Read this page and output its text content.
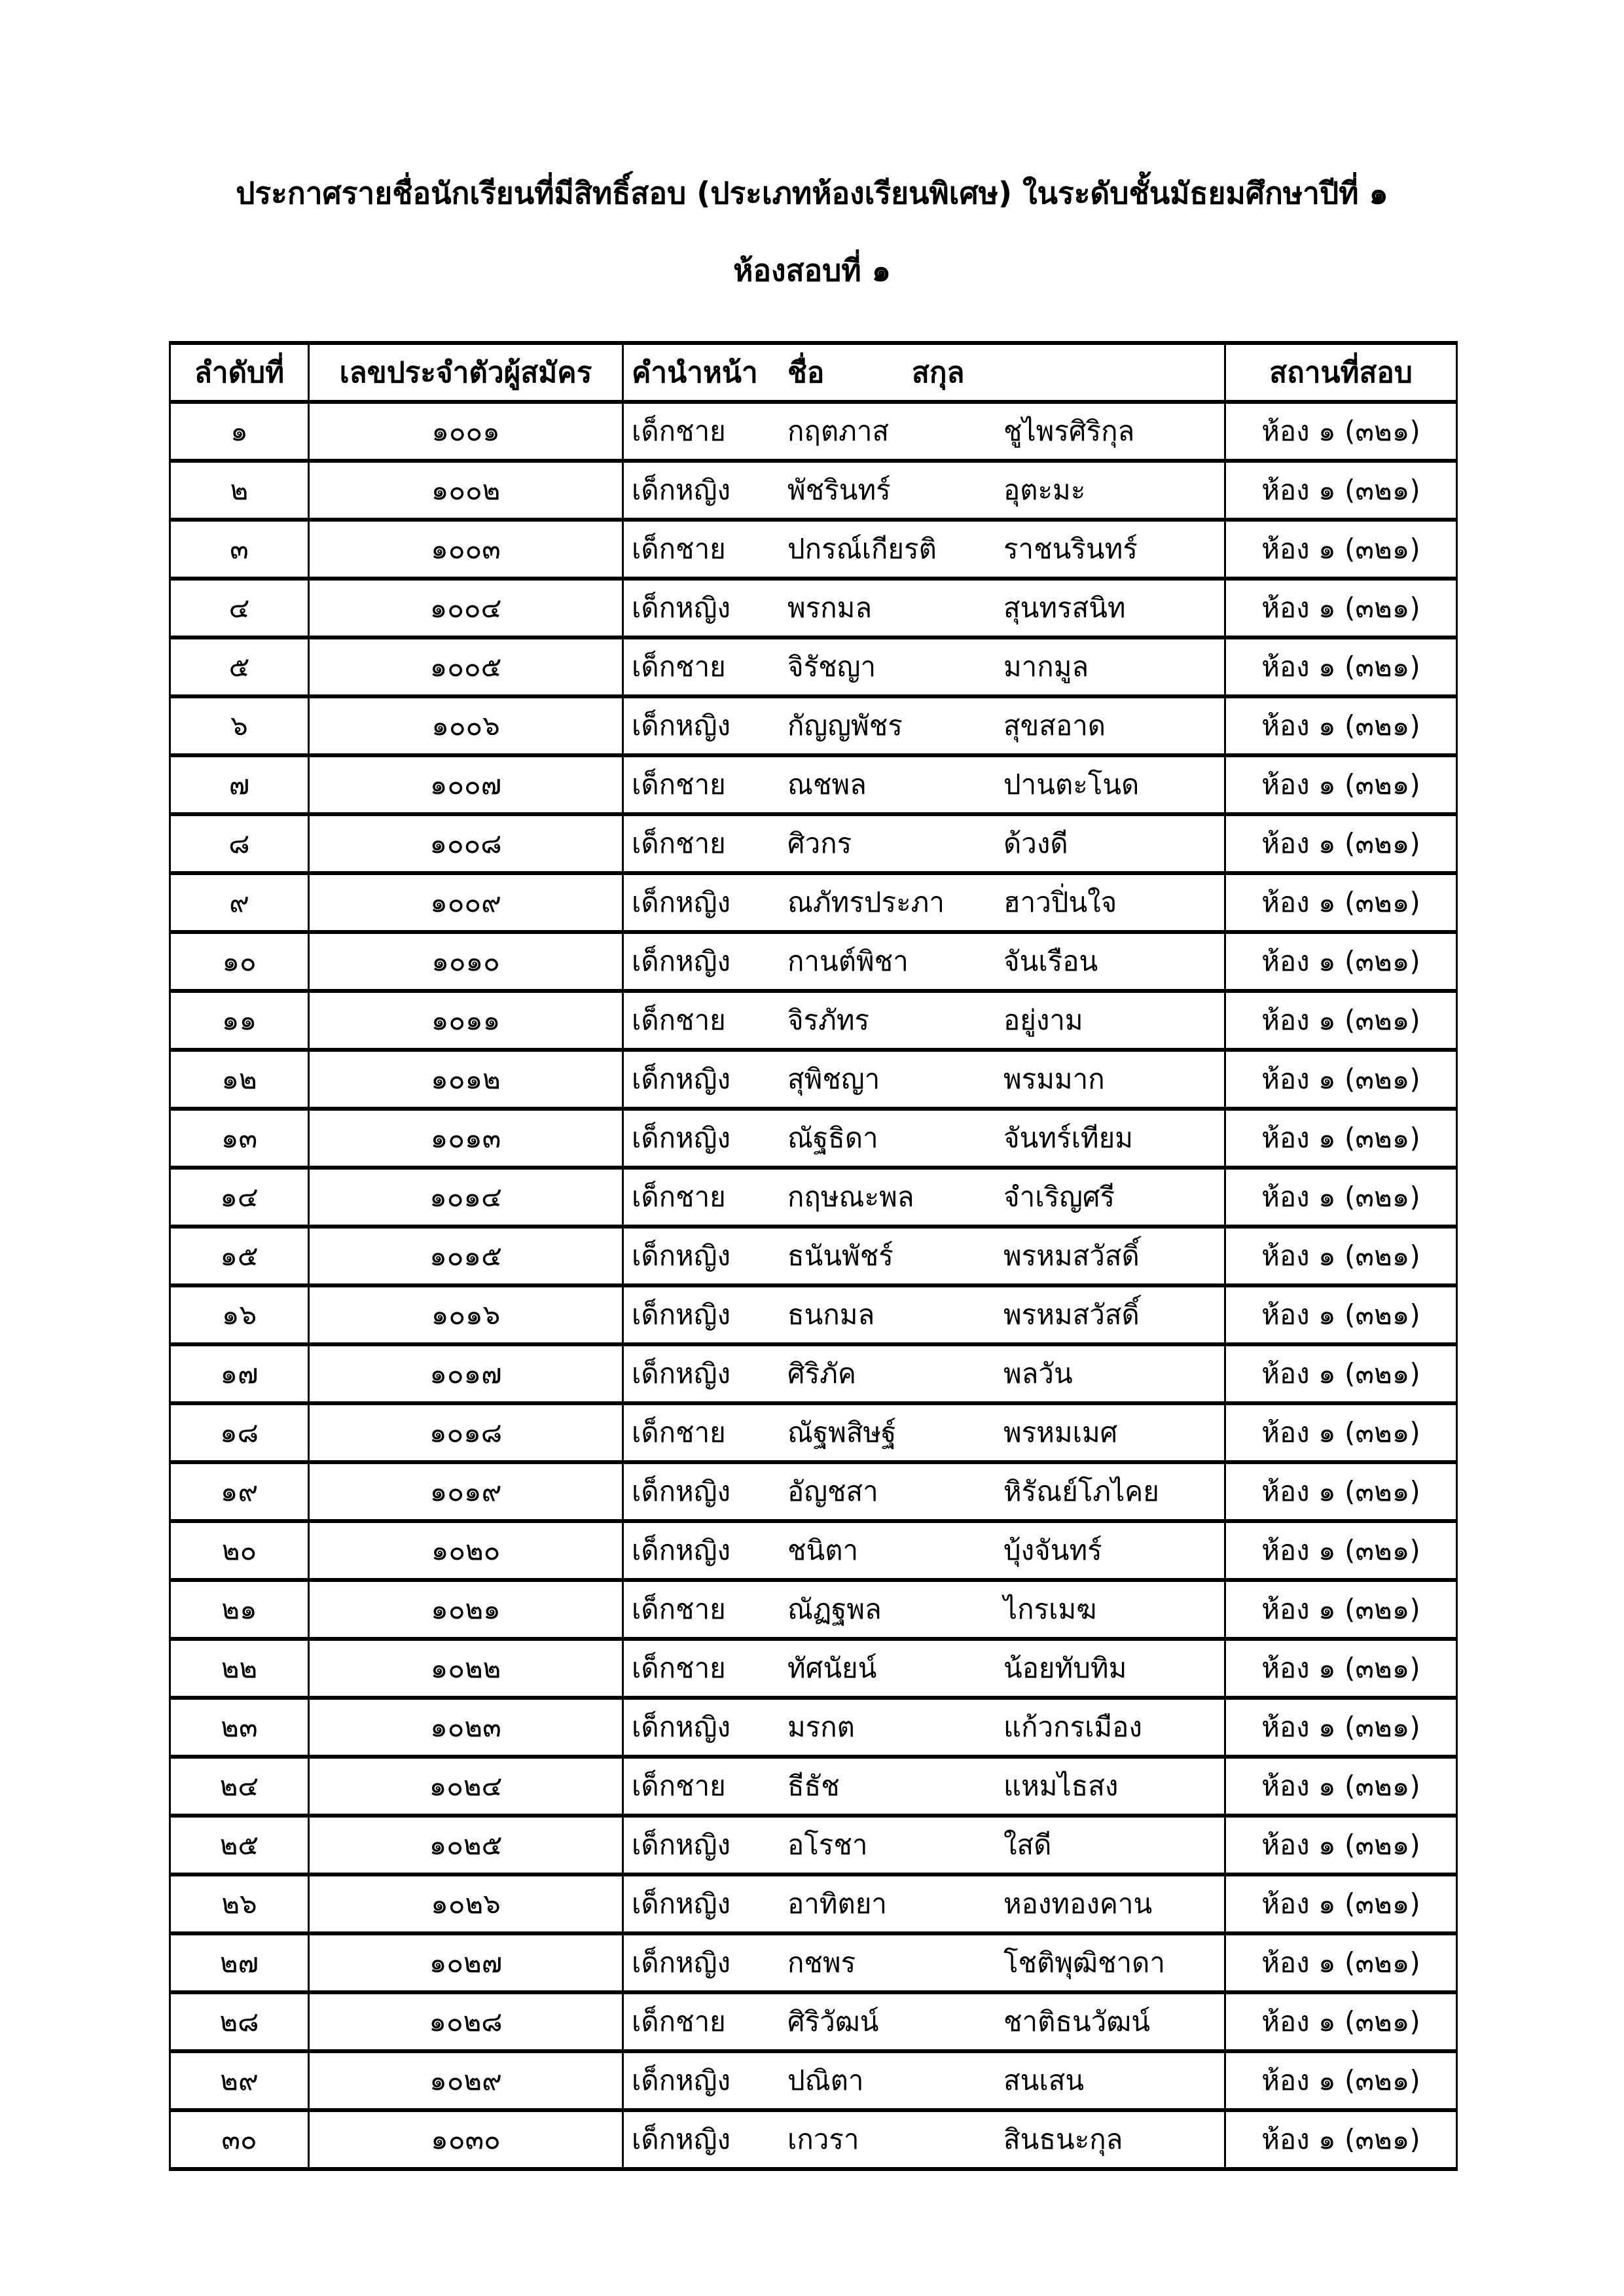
ประกาศรายชื่อนักเรียนที่มีสิทธิ์สอบ (ประเภทห้องเรียนพิเศษ) ในระดับชั้นมัธยมศึกษาปีที่ ๑
ห้องสอบที่ ๑
ลำดับที่	เลขประจำตัวผู้สมัคร	คำนำหน้า ชื่อ สกุล	สถานที่สอบ
๑	๑๐๐๑	เด็กชาย กฤตภาส ชูไพรศิริกุล	ห้อง ๑ (๓๒๑)
๒	๑๐๐๒	เด็กหญิง พัชรินทร์ อุตะมะ	ห้อง ๑ (๓๒๑)
๓	๑๐๐๓	เด็กชาย ปกรณ์เกียรติ ราชนรินทร์	ห้อง ๑ (๓๒๑)
๔	๑๐๐๔	เด็กหญิง พรกมล สุนทรสนิท	ห้อง ๑ (๓๒๑)
๕	๑๐๐๕	เด็กชาย จิรัชญา มากมูล	ห้อง ๑ (๓๒๑)
๖	๑๐๐๖	เด็กหญิง กัญญพัชร สุขสอาด	ห้อง ๑ (๓๒๑)
๗	๑๐๐๗	เด็กชาย ณชพล ปานตะโนด	ห้อง ๑ (๓๒๑)
๘	๑๐๐๘	เด็กชาย ศิวกร ด้วงดี	ห้อง ๑ (๓๒๑)
๙	๑๐๐๙	เด็กหญิง ณภัทรประภา ฮาวปิ่นใจ	ห้อง ๑ (๓๒๑)
๑๐	๑๐๑๐	เด็กหญิง กานต์พิชา จันเรือน	ห้อง ๑ (๓๒๑)
๑๑	๑๐๑๑	เด็กชาย จิรภัทร อยู่งาม	ห้อง ๑ (๓๒๑)
๑๒	๑๐๑๒	เด็กหญิง สุพิชญา พรมมาก	ห้อง ๑ (๓๒๑)
๑๓	๑๐๑๓	เด็กหญิง ณัฐธิดา จันทร์เทียม	ห้อง ๑ (๓๒๑)
๑๔	๑๐๑๔	เด็กชาย กฤษณะพล จำเริญศรี	ห้อง ๑ (๓๒๑)
๑๕	๑๐๑๕	เด็กหญิง ธนันพัชร์ พรหมสวัสดิ์	ห้อง ๑ (๓๒๑)
๑๖	๑๐๑๖	เด็กหญิง ธนกมล พรหมสวัสดิ์	ห้อง ๑ (๓๒๑)
๑๗	๑๐๑๗	เด็กหญิง ศิริภัค พลวัน	ห้อง ๑ (๓๒๑)
๑๘	๑๐๑๘	เด็กชาย ณัฐพสิษฐ์ พรหมเมศ	ห้อง ๑ (๓๒๑)
๑๙	๑๐๑๙	เด็กหญิง อัญชสา หิรัณย์โภไคย	ห้อง ๑ (๓๒๑)
๒๐	๑๐๒๐	เด็กหญิง ชนิตา บุ้งจันทร์	ห้อง ๑ (๓๒๑)
๒๑	๑๐๒๑	เด็กชาย ณัฏฐพล ไกรเมฆ	ห้อง ๑ (๓๒๑)
๒๒	๑๐๒๒	เด็กชาย ทัศนัยน์ น้อยทับทิม	ห้อง ๑ (๓๒๑)
๒๓	๑๐๒๓	เด็กหญิง มรกต แก้วกรเมือง	ห้อง ๑ (๓๒๑)
๒๔	๑๐๒๔	เด็กชาย ธีธัช แหมไธสง	ห้อง ๑ (๓๒๑)
๒๕	๑๐๒๕	เด็กหญิง อโรชา ใสดี	ห้อง ๑ (๓๒๑)
๒๖	๑๐๒๖	เด็กหญิง อาทิตยา หองทองคาน	ห้อง ๑ (๓๒๑)
๒๗	๑๐๒๗	เด็กหญิง กชพร โชติพุฒิชาดา	ห้อง ๑ (๓๒๑)
๒๘	๑๐๒๘	เด็กชาย ศิริวัฒน์ ชาติธนวัฒน์	ห้อง ๑ (๓๒๑)
๒๙	๑๐๒๙	เด็กหญิง ปณิตา สนเสน	ห้อง ๑ (๓๒๑)
๓๐	๑๐๓๐	เด็กหญิง เกวรา สินธนะกุล	ห้อง ๑ (๓๒๑)
